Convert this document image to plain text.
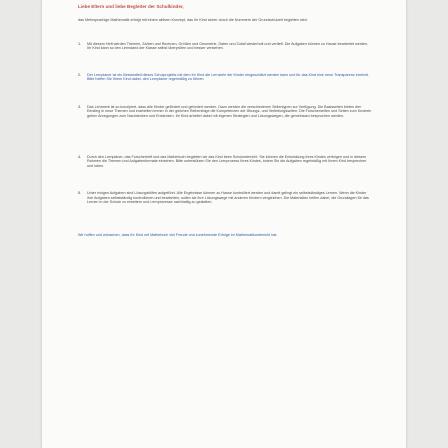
Liebe Eltern und liebe Begleiter der Schulkinder,
das Mehrsprachige Mathematik erfolgt mit einem aktiven Konzept, das Ihr Kind sicher durch die Nummern der Grundschulzeit begleiten wird.
1.	Mit diesem Heft werden Themen, Zahlen und Rechnen, Größen und Geometrie, Daten und Zufall wiederholt und vertieft. Die Aufgaben können zu Hause bearbeitet werden. Ihr Kind kann so den Lernstand der Klasse selbst überprüfen und besser verstehen.
2.	Der Lernplaner ist ein Bestandteil dieses Schulprojekts mit dem Ihr Kind die Lernziele der Kinder eingeschätzt werden kann und für das Kind eine neue Transparenz erreicht. Bitte helfen Sie Ihrem Kind dabei, den Lernplaner regelmäßig zu führen.
3.	Das Lehrwerk ist so konzipiert, dass alle Kinder gefördert und gefordert werden. Dazu werden die verschiedenen Seitentypen zur Verfügung. Die Basisseiten bieten den Einstieg in neue Themen und erarbeiten immer in der gleichen Reihenfolge die Kompetenzen der Übungs- und Vertiefungsseiten. Die Forscherseiten und Seiten zum Knobeln geben Anregungen zum Nachdenken und Entdecken. Ihr Kind arbeitet dabei mit eigenen Strategien und Lösungswegen, die gemeinsam besprochen werden.
4.	Durch den Lernplaner, das Forscherheft und das Mathebuch begleiten wir das Kind beim Schulunterricht. Sie können die Entwicklung ihres Kindes verfolgen und in diesem Rahmen die Themen und Aufgabenformate einsehen. Bitte unterstützen Sie den Lernprozess Ihres Kindes, indem Sie die Aufgaben regelmäßig mit Ihrem Kind besprechen und loben.
5.	Unter einigen Aufgaben sind Lösungshilfen aufgeführt. Alle Ergebnisse können zu Hause kontrolliert werden und damit gelingt ein selbstständiges Lernen. Wenn die Kinder ihre Aufgaben selbstständig kontrollieren und bearbeiten, sollen sie ihre Lösungswege mit anderen Kindern vergleichen. Die Materialien helfen dabei, die Grundlagen für das Lernen in der Schule zu erweitern und Lernprozesse nachhaltig zu gestalten.
Wir hoffen und wünschen, dass Ihr Kind mit Mathebuch viel Freude und zunehmende Erfolge im Mathematikunterricht hat.
